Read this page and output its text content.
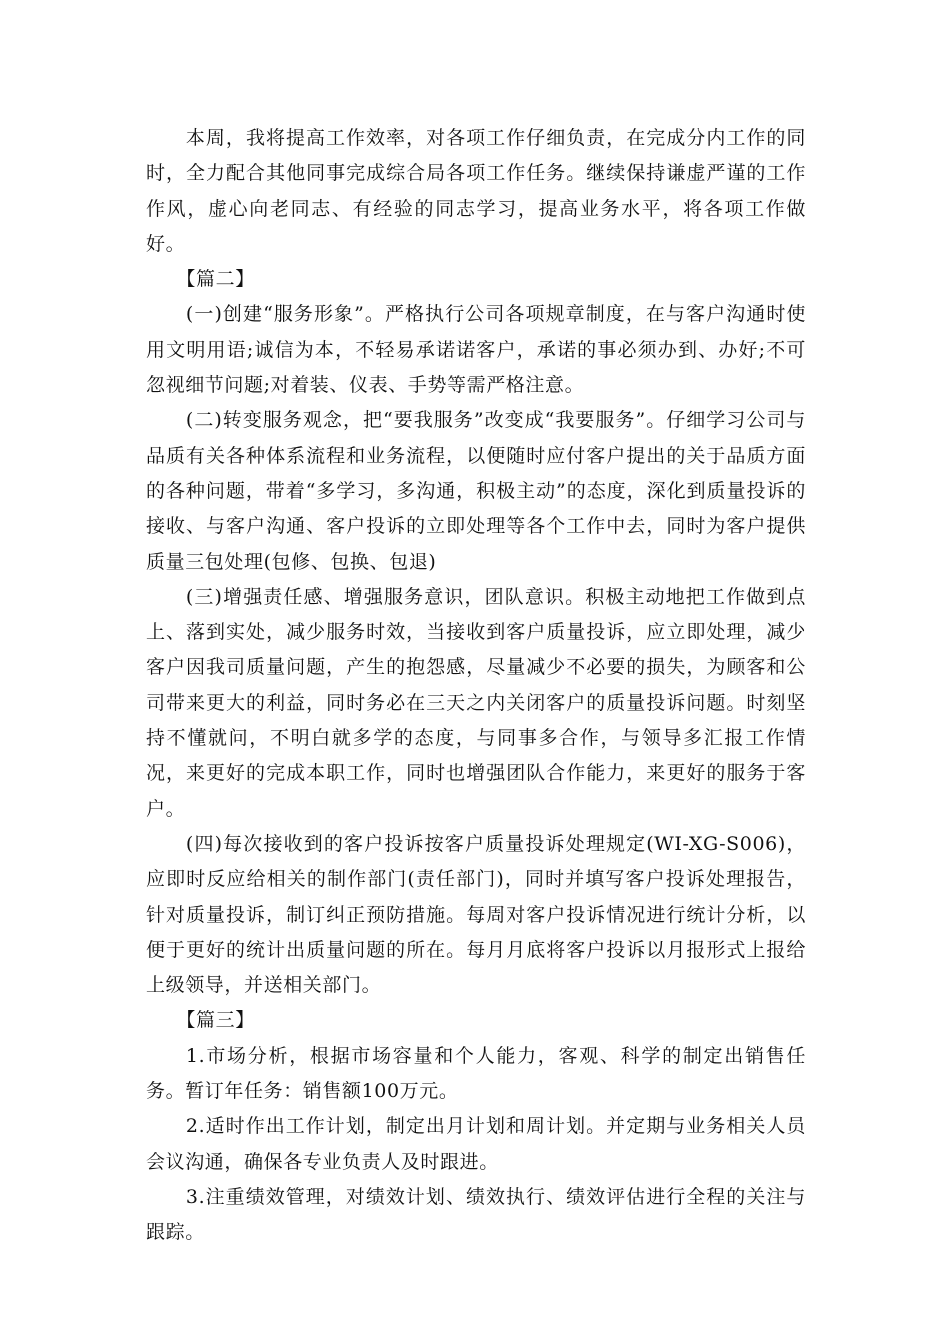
本周，我将提高工作效率，对各项工作仔细负责，在完成分内工作的同时，全力配合其他同事完成综合局各项工作任务。继续保持谦虚严谨的工作作风，虚心向老同志、有经验的同志学习，提高业务水平，将各项工作做好。

【篇二】

(一)创建“服务形象”。严格执行公司各项规章制度，在与客户沟通时使用文明用语;诚信为本，不轻易承诺诺客户，承诺的事必须办到、办好;不可忽视细节问题;对着装、仪表、手势等需严格注意。

(二)转变服务观念，把“要我服务”改变成“我要服务”。仔细学习公司与品质有关各种体系流程和业务流程，以便随时应付客户提出的关于品质方面的各种问题，带着“多学习，多沟通，积极主动”的态度，深化到质量投诉的接收、与客户沟通、客户投诉的立即处理等各个工作中去，同时为客户提供质量三包处理(包修、包换、包退)

(三)增强责任感、增强服务意识，团队意识。积极主动地把工作做到点上、落到实处，减少服务时效，当接收到客户质量投诉，应立即处理，减少客户因我司质量问题，产生的抱怨感，尽量减少不必要的损失，为顾客和公司带来更大的利益，同时务必在三天之内关闭客户的质量投诉问题。时刻坚持不懂就问，不明白就多学的态度，与同事多合作，与领导多汇报工作情况，来更好的完成本职工作，同时也增强团队合作能力，来更好的服务于客户。

(四)每次接收到的客户投诉按客户质量投诉处理规定(WI-XG-S006)，应即时反应给相关的制作部门(责任部门)，同时并填写客户投诉处理报告，针对质量投诉，制订纠正预防措施。每周对客户投诉情况进行统计分析，以便于更好的统计出质量问题的所在。每月月底将客户投诉以月报形式上报给上级领导，并送相关部门。

【篇三】

1.市场分析，根据市场容量和个人能力，客观、科学的制定出销售任务。暂订年任务：销售额100万元。

2.适时作出工作计划，制定出月计划和周计划。并定期与业务相关人员会议沟通，确保各专业负责人及时跟进。

3.注重绩效管理，对绩效计划、绩效执行、绩效评估进行全程的关注与跟踪。
